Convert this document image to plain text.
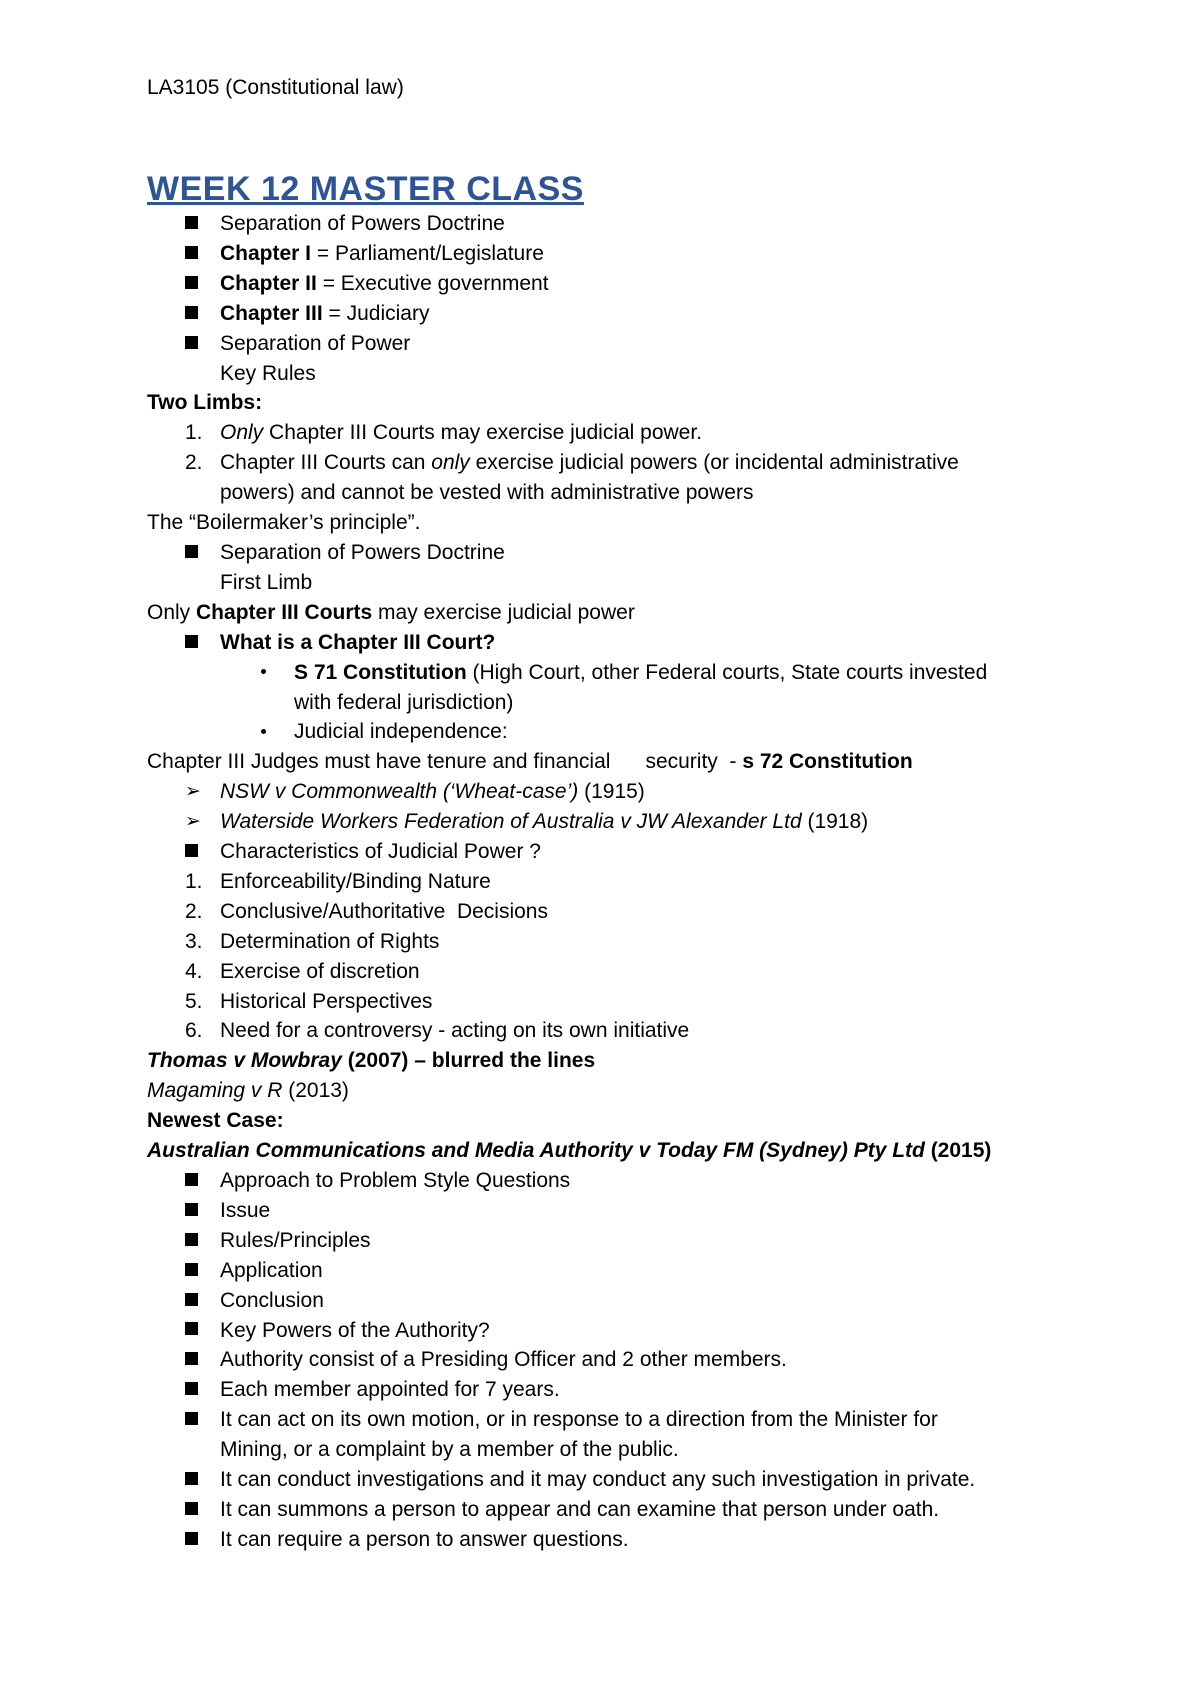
LA3105 (Constitutional law)
WEEK 12 MASTER CLASS
Separation of Powers Doctrine
Chapter I = Parliament/Legislature
Chapter II = Executive government
Chapter III = Judiciary
Separation of Power
Key Rules
Two Limbs:
1. Only Chapter III Courts may exercise judicial power.
2. Chapter III Courts can only exercise judicial powers (or incidental administrative
powers) and cannot be vested with administrative powers
The “Boilermaker’s principle”.
Separation of Powers Doctrine
First Limb
Only Chapter III Courts may exercise judicial power
What is a Chapter III Court?
S 71 Constitution (High Court, other Federal courts, State courts invested
with federal jurisdiction)
Judicial independence:
Chapter III Judges must have tenure and financial      security  - s 72 Constitution
➢ NSW v Commonwealth (‘Wheat-case’) (1915)
➢ Waterside Workers Federation of Australia v JW Alexander Ltd (1918)
Characteristics of Judicial Power ?
1. Enforceability/Binding Nature
2. Conclusive/Authoritative  Decisions
3. Determination of Rights
4. Exercise of discretion
5. Historical Perspectives
6. Need for a controversy - acting on its own initiative
Thomas v Mowbray (2007) – blurred the lines
Magaming v R (2013)
Newest Case:
Australian Communications and Media Authority v Today FM (Sydney) Pty Ltd (2015)
Approach to Problem Style Questions
Issue
Rules/Principles
Application
Conclusion
Key Powers of the Authority?
Authority consist of a Presiding Officer and 2 other members.
Each member appointed for 7 years.
It can act on its own motion, or in response to a direction from the Minister for
Mining, or a complaint by a member of the public.
It can conduct investigations and it may conduct any such investigation in private.
It can summons a person to appear and can examine that person under oath.
It can require a person to answer questions.
